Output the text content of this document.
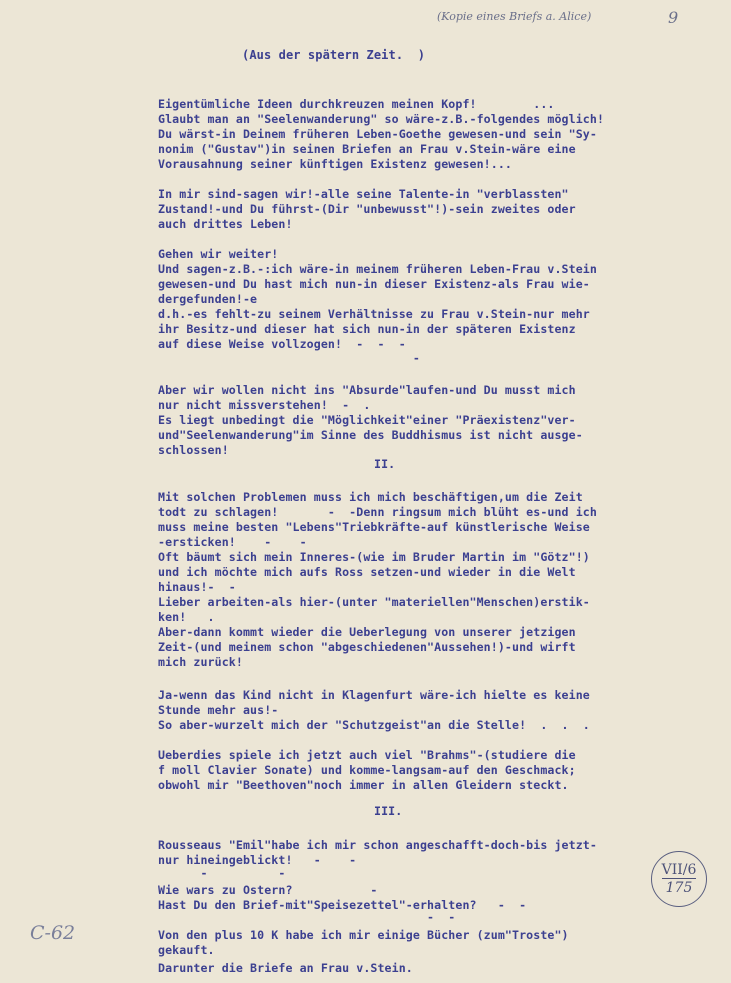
(Kopie eines Briefs a. Alice)	9
(Aus der spätern Zeit.  )
Eigentümliche Ideen durchkreuzen meinen Kopf!        ...
Glaubt man an "Seelenwanderung" so wäre-z.B.-folgendes möglich!
Du wärst-in Deinem früheren Leben-Goethe gewesen-und sein "Sy-
nonim ("Gustav")in seinen Briefen an Frau v.Stein-wäre eine
Vorausahnung seiner künftigen Existenz gewesen!...
In mir sind-sagen wir!-alle seine Talente-in "verblassten"
Zustand!-und Du führst-(Dir "unbewusst"!)-sein zweites oder
auch drittes Leben!
Gehen wir weiter!
Und sagen-z.B.-:ich wäre-in meinem früheren Leben-Frau v.Stein
gewesen-und Du hast mich nun-in dieser Existenz-als Frau wie-
dergefunden!-e
d.h.-es fehlt-zu seinem Verhältnisse zu Frau v.Stein-nur mehr
ihr Besitz-und dieser hat sich nun-in der späteren Existenz
auf diese Weise vollzogen!  -  -  -
-
Aber wir wollen nicht ins "Absurde"laufen-und Du musst mich
nur nicht missverstehen!  -  .
Es liegt unbedingt die "Möglichkeit"einer "Präexistenz"ver-
und"Seelenwanderung"im Sinne des Buddhismus ist nicht ausge-
schlossen!
Mit solchen Problemen muss ich mich beschäftigen,um die Zeit
todt zu schlagen!       -  -Denn ringsum mich blüht es-und ich
muss meine besten "Lebens"Triebkräfte-auf künstlerische Weise
-ersticken!    -    -
Oft bäumt sich mein Inneres-(wie im Bruder Martin im "Götz"!)
und ich möchte mich aufs Ross setzen-und wieder in die Welt
hinaus!-  -
Lieber arbeiten-als hier-(unter "materiellen"Menschen)erstik-
ken!   .
Aber-dann kommt wieder die Ueberlegung von unserer jetzigen
Zeit-(und meinem schon "abgeschiedenen"Aussehen!)-und wirft
mich zurück!
Ja-wenn das Kind nicht in Klagenfurt wäre-ich hielte es keine
Stunde mehr aus!-
So aber-wurzelt mich der "Schutzgeist"an die Stelle!  .  .  .
Ueberdies spiele ich jetzt auch viel "Brahms"-(studiere die
f moll Clavier Sonate) und komme-langsam-auf den Geschmack;
obwohl mir "Beethoven"noch immer in allen Gleidern steckt.
Rousseaus "Emil"habe ich mir schon angeschafft-doch-bis jetzt-
nur hineingeblickt!   -    -
-          -
Wie wars zu Ostern?           -
Hast Du den Brief-mit"Speisezettel"-erhalten?   -  -
-  -
Von den plus 10 K habe ich mir einige Bücher (zum"Troste")
gekauft.
Darunter die Briefe an Frau v.Stein.
II.
III.
VII/6
175
C-62
